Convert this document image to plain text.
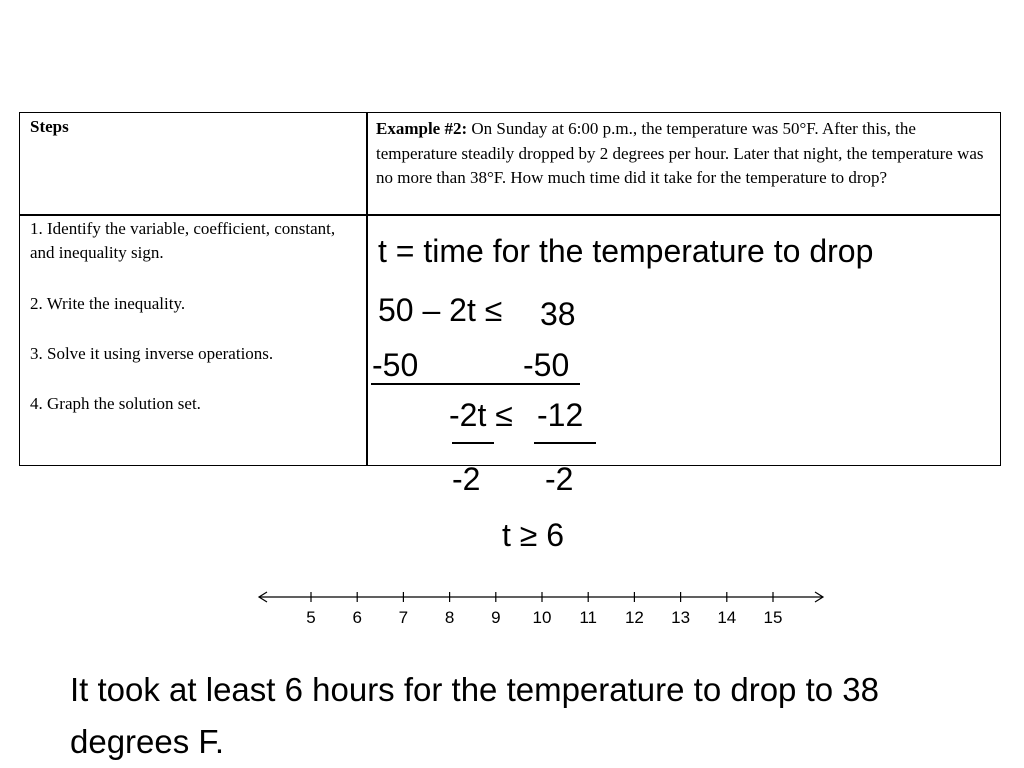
Steps	Example #2: On Sunday at 6:00 p.m., the temperature was 50°F. After this, the temperature steadily dropped by 2 degrees per hour. Later that night, the temperature was no more than 38°F. How much time did it take for the temperature to drop?
1. Identify the variable, coefficient, constant, and inequality sign.
2. Write the inequality.
3. Solve it using inverse operations.
4. Graph the solution set.
t = time for the temperature to drop
50 – 2t ≤ 38
-50	-50
-2t ≤ -12
-2 -2
t ≥ 6
5 6 7 8 9 10 11 12 13 14 15
It took at least 6 hours for the temperature to drop to 38 degrees F.
